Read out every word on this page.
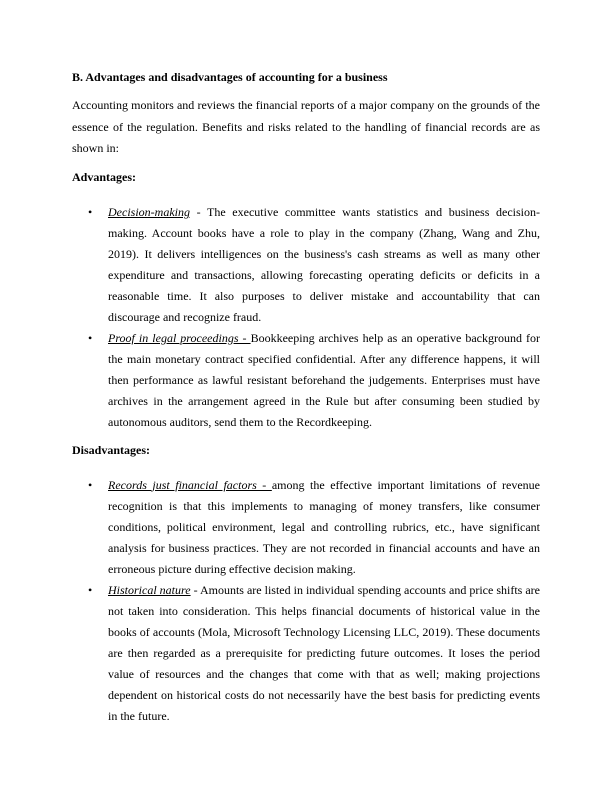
B. Advantages and disadvantages of accounting for a business

Accounting monitors and reviews the financial reports of a major company on the grounds of the essence of the regulation. Benefits and risks related to the handling of financial records are as shown in:

Advantages:
• Decision-making - The executive committee wants statistics and business decision-making. Account books have a role to play in the company (Zhang, Wang and Zhu, 2019). It delivers intelligences on the business's cash streams as well as many other expenditure and transactions, allowing forecasting operating deficits or deficits in a reasonable time. It also purposes to deliver mistake and accountability that can discourage and recognize fraud.
• Proof in legal proceedings - Bookkeeping archives help as an operative background for the main monetary contract specified confidential. After any difference happens, it will then performance as lawful resistant beforehand the judgements. Enterprises must have archives in the arrangement agreed in the Rule but after consuming been studied by autonomous auditors, send them to the Recordkeeping.
Disadvantages:
• Records just financial factors - among the effective important limitations of revenue recognition is that this implements to managing of money transfers, like consumer conditions, political environment, legal and controlling rubrics, etc., have significant analysis for business practices. They are not recorded in financial accounts and have an erroneous picture during effective decision making.
• Historical nature - Amounts are listed in individual spending accounts and price shifts are not taken into consideration. This helps financial documents of historical value in the books of accounts (Mola, Microsoft Technology Licensing LLC, 2019). These documents are then regarded as a prerequisite for predicting future outcomes. It loses the period value of resources and the changes that come with that as well; making projections dependent on historical costs do not necessarily have the best basis for predicting events in the future.
